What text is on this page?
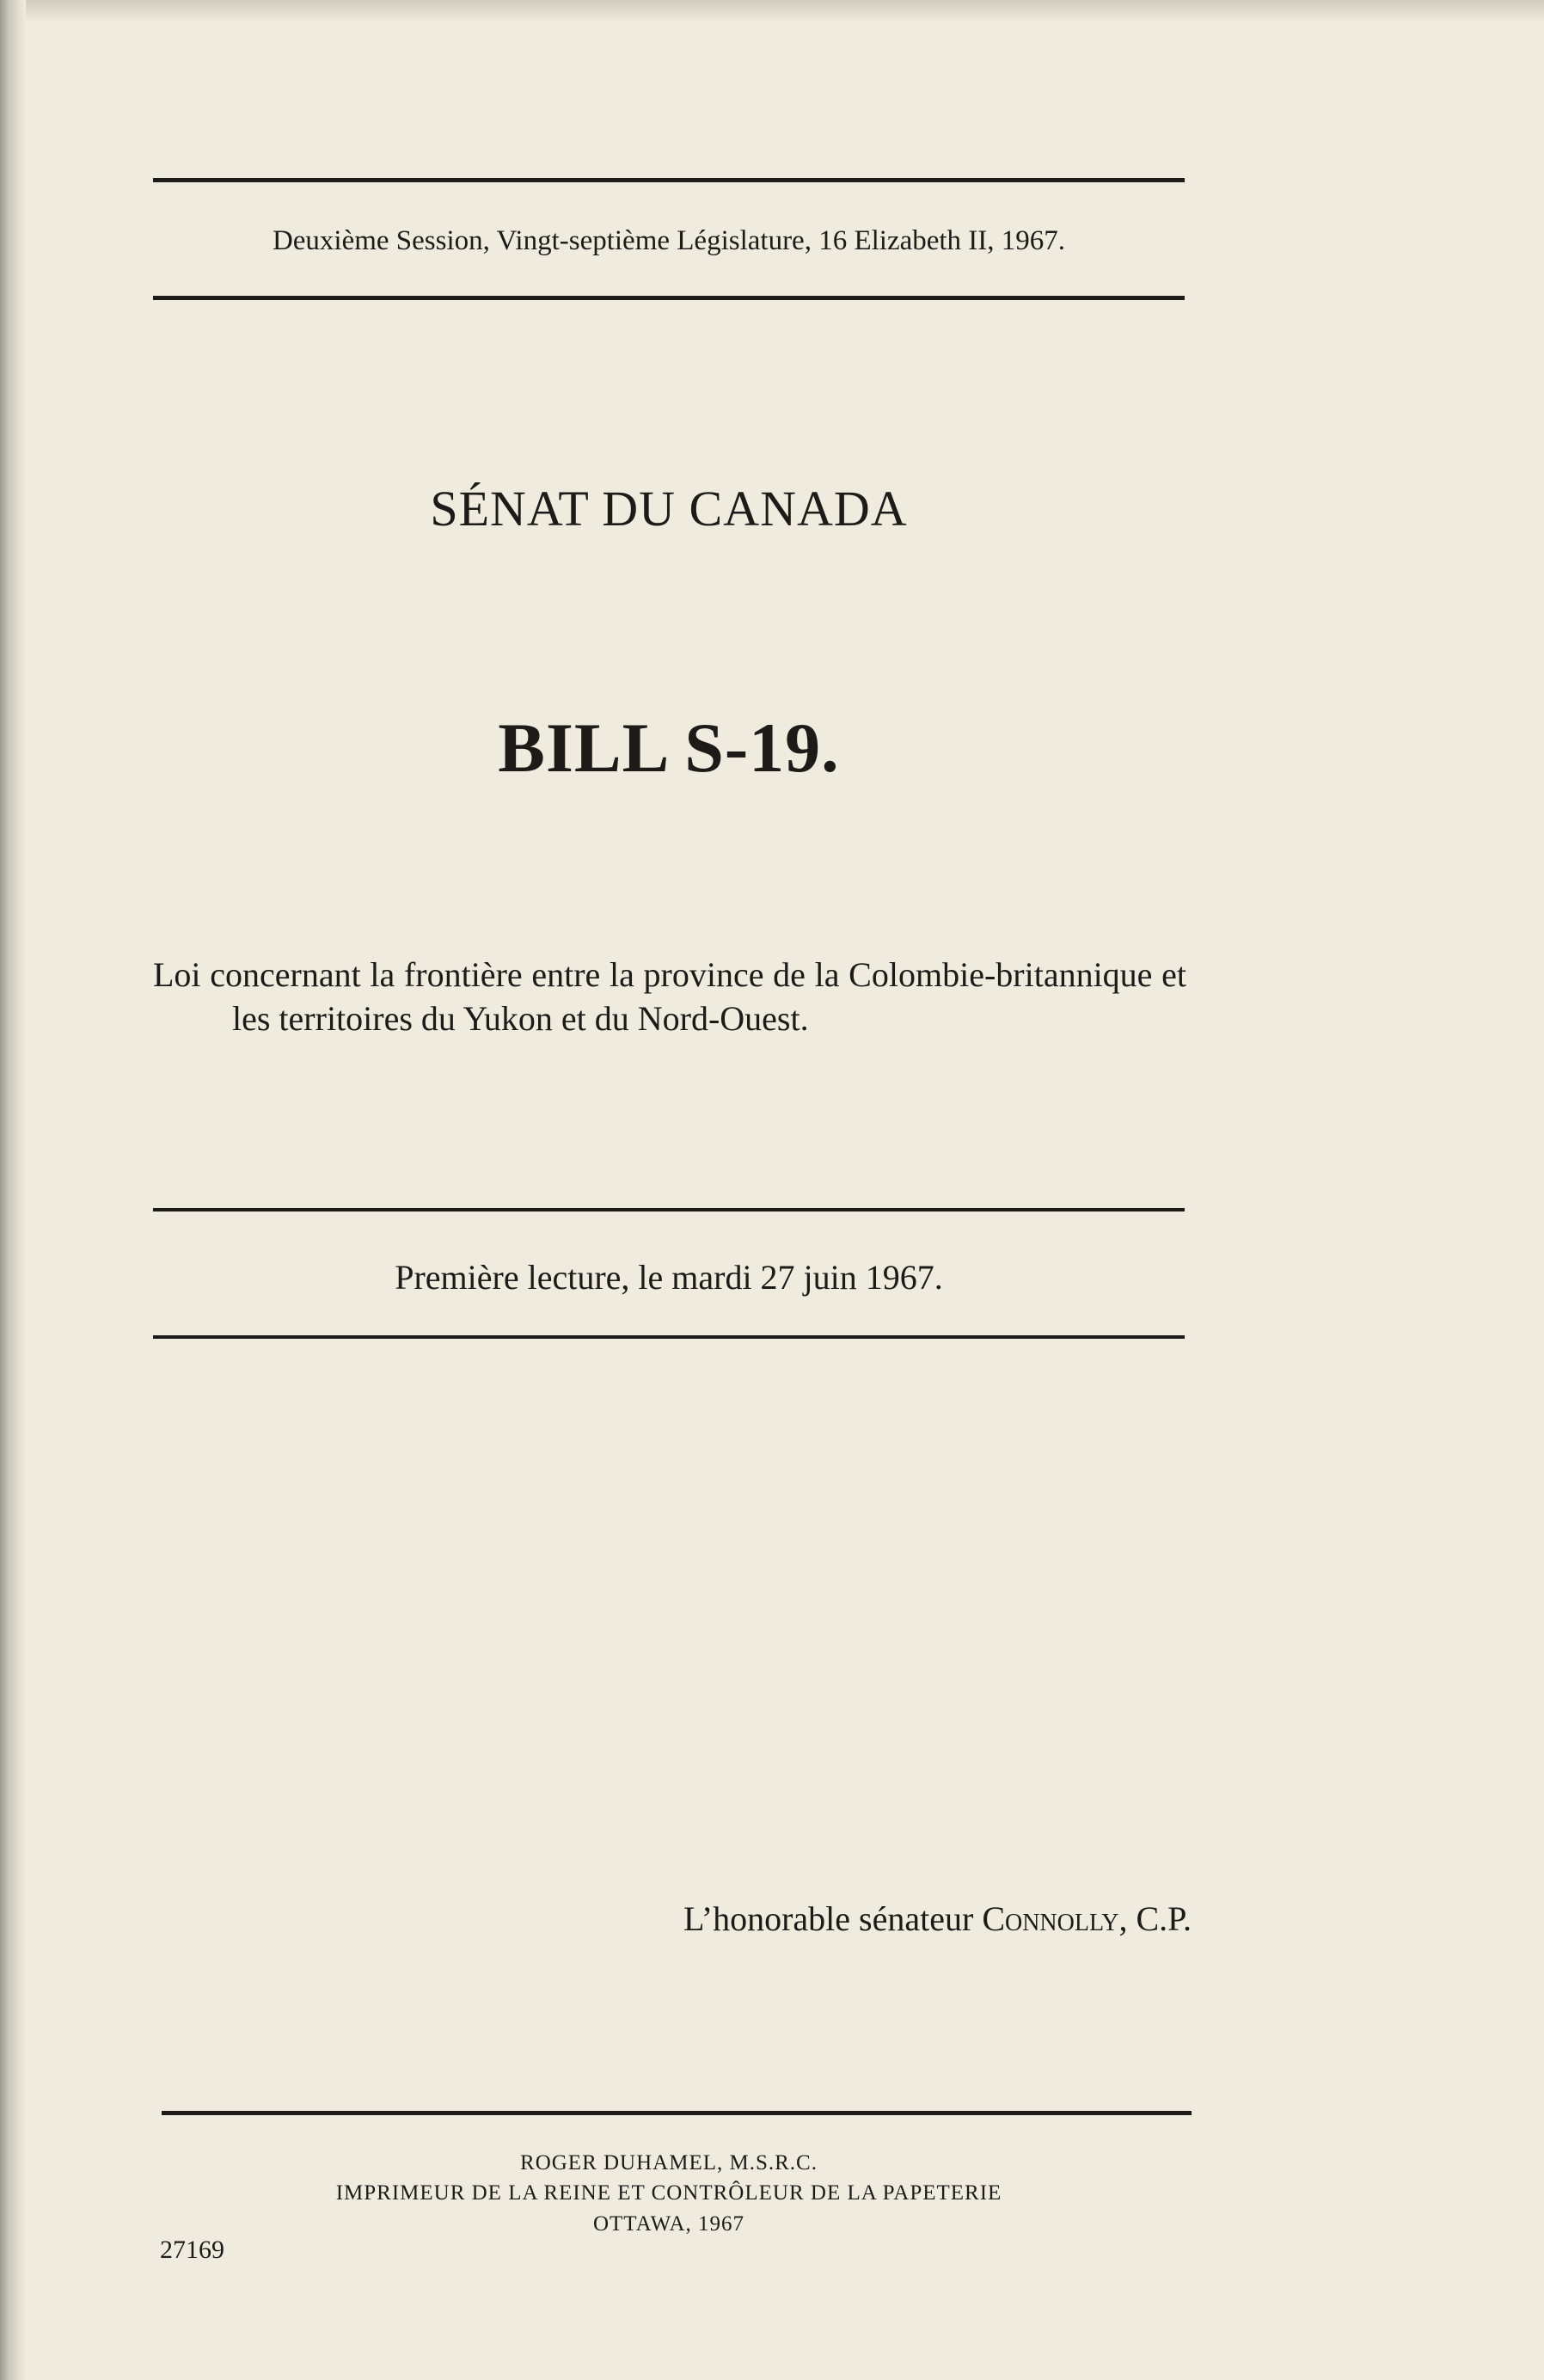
Deuxième Session, Vingt-septième Législature, 16 Elizabeth II, 1967.
SÉNAT DU CANADA
BILL S-19.
Loi concernant la frontière entre la province de la Colombie-britannique et les territoires du Yukon et du Nord-Ouest.
Première lecture, le mardi 27 juin 1967.
L’honorable sénateur Connolly, C.P.
ROGER DUHAMEL, M.S.R.C.
IMPRIMEUR DE LA REINE ET CONTRÔLEUR DE LA PAPETERIE
OTTAWA, 1967
27169
